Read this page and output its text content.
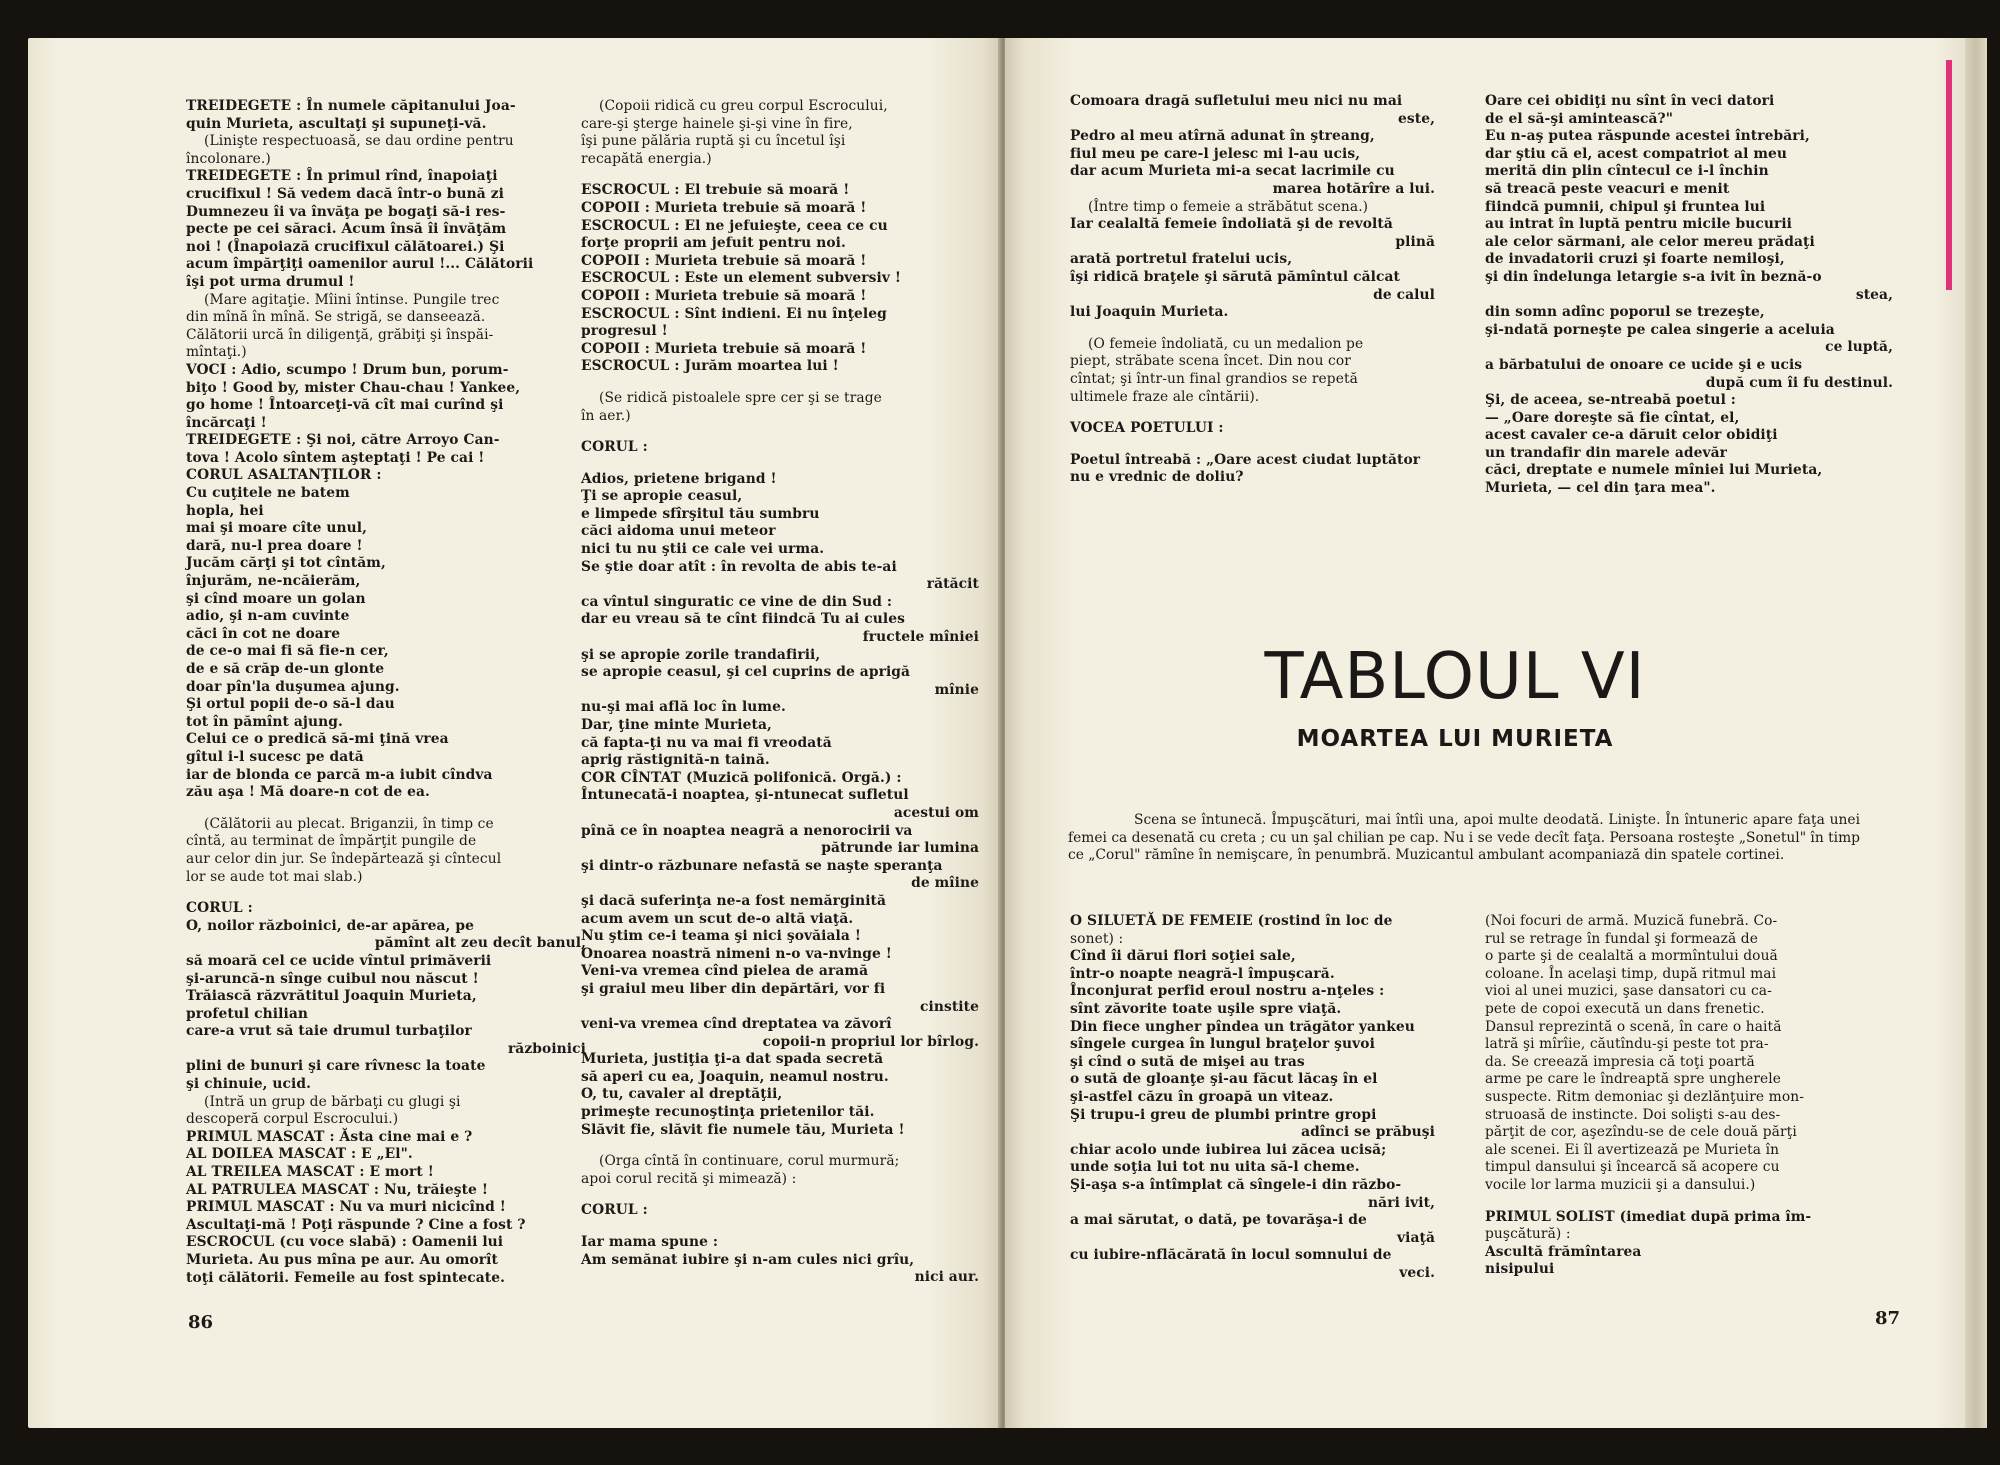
TREIDEGETE : În numele căpitanului Joa-

quin Murieta, ascultaţi şi supuneţi-vă.

(Linişte respectuoasă, se dau ordine pentru

încolonare.)

TREIDEGETE : În primul rînd, înapoiaţi

crucifixul ! Să vedem dacă într-o bună zi

Dumnezeu îi va învăţa pe bogaţi să-i res-

pecte pe cei săraci. Acum însă îi învăţăm

noi ! (Înapoiază crucifixul călătoarei.) Şi

acum împărţiţi oamenilor aurul !... Călătorii

îşi pot urma drumul !

(Mare agitaţie. Mîini întinse. Pungile trec

din mînă în mînă. Se strigă, se danseează.

Călătorii urcă în diligenţă, grăbiţi şi înspăi-

mîntaţi.)

VOCI : Adio, scumpo ! Drum bun, porum-

biţo ! Good by, mister Chau-chau ! Yankee,

go home ! Întoarceţi-vă cît mai curînd şi

încărcaţi !

TREIDEGETE : Şi noi, către Arroyo Can-

tova ! Acolo sîntem aşteptaţi ! Pe cai !

CORUL ASALTANŢILOR :

Cu cuţitele ne batem

hopla, hei

mai şi moare cîte unul,

dară, nu-l prea doare !

Jucăm cărţi şi tot cîntăm,

înjurăm, ne-ncăierăm,

şi cînd moare un golan

adio, şi n-am cuvinte

căci în cot ne doare

de ce-o mai fi să fie-n cer,

de e să crăp de-un glonte

doar pîn'la duşumea ajung.

Şi ortul popii de-o să-l dau

tot în pămînt ajung.

Celui ce o predică să-mi ţină vrea

gîtul i-l sucesc pe dată

iar de blonda ce parcă m-a iubit cîndva

zău aşa ! Mă doare-n cot de ea.

(Călătorii au plecat. Briganzii, în timp ce

cîntă, au terminat de împărţit pungile de

aur celor din jur. Se îndepărtează şi cîntecul

lor se aude tot mai slab.)

CORUL :

O, noilor războinici, de-ar apărea, pe

pămînt alt zeu decît banul,

să moară cel ce ucide vîntul primăverii

şi-aruncă-n sînge cuibul nou născut !

Trăiască răzvrătitul Joaquin Murieta,

profetul chilian

care-a vrut să taie drumul turbaţilor

războinici

plini de bunuri şi care rîvnesc la toate

şi chinuie, ucid.

(Intră un grup de bărbaţi cu glugi şi

descoperă corpul Escrocului.)

PRIMUL MASCAT : Ăsta cine mai e ?

AL DOILEA MASCAT : E „El".

AL TREILEA MASCAT : E mort !

AL PATRULEA MASCAT : Nu, trăieşte !

PRIMUL MASCAT : Nu va muri nicicînd !

Ascultaţi-mă ! Poţi răspunde ? Cine a fost ?

ESCROCUL (cu voce slabă) : Oamenii lui

Murieta. Au pus mîna pe aur. Au omorît

toţi călătorii. Femeile au fost spintecate.

(Copoii ridică cu greu corpul Escrocului,

care-şi şterge hainele şi-şi vine în fire,

îşi pune pălăria ruptă şi cu încetul îşi

recapătă energia.)

ESCROCUL : El trebuie să moară !

COPOII : Murieta trebuie să moară !

ESCROCUL : El ne jefuieşte, ceea ce cu

forţe proprii am jefuit pentru noi.

COPOII : Murieta trebuie să moară !

ESCROCUL : Este un element subversiv !

COPOII : Murieta trebuie să moară !

ESCROCUL : Sînt indieni. Ei nu înţeleg

progresul !

COPOII : Murieta trebuie să moară !

ESCROCUL : Jurăm moartea lui !

(Se ridică pistoalele spre cer şi se trage

în aer.)

CORUL :

Adios, prietene brigand !

Ţi se apropie ceasul,

e limpede sfîrşitul tău sumbru

căci aidoma unui meteor

nici tu nu ştii ce cale vei urma.

Se ştie doar atît : în revolta de abis te-ai

rătăcit

ca vîntul singuratic ce vine de din Sud :

dar eu vreau să te cînt fiindcă Tu ai cules

fructele mîniei

şi se apropie zorile trandafirii,

se apropie ceasul, şi cel cuprins de aprigă

mînie

nu-şi mai află loc în lume.

Dar, ţine minte Murieta,

că fapta-ţi nu va mai fi vreodată

aprig răstignită-n taină.

COR CÎNTAT (Muzică polifonică. Orgă.) :

Întunecată-i noaptea, şi-ntunecat sufletul

acestui om

pînă ce în noaptea neagră a nenorocirii va

pătrunde iar lumina

şi dintr-o răzbunare nefastă se naşte speranţa

de mîine

şi dacă suferinţa ne-a fost nemărginită

acum avem un scut de-o altă viaţă.

Nu ştim ce-i teama şi nici şovăiala !

Onoarea noastră nimeni n-o va-nvinge !

Veni-va vremea cînd pielea de aramă

şi graiul meu liber din depărtări, vor fi

cinstite

veni-va vremea cînd dreptatea va zăvorî

copoii-n propriul lor bîrlog.

Murieta, justiţia ţi-a dat spada secretă

să aperi cu ea, Joaquin, neamul nostru.

O, tu, cavaler al dreptăţii,

primeşte recunoştinţa prietenilor tăi.

Slăvit fie, slăvit fie numele tău, Murieta !

(Orga cîntă în continuare, corul murmură;

apoi corul recită şi mimează) :

CORUL :

Iar mama spune :

Am semănat iubire şi n-am cules nici grîu,

nici aur.

86

Comoara dragă sufletului meu nici nu mai

este,

Pedro al meu atîrnă adunat în ştreang,

fiul meu pe care-l jelesc mi l-au ucis,

dar acum Murieta mi-a secat lacrimile cu

marea hotărîre a lui.

(Între timp o femeie a străbătut scena.)

Iar cealaltă femeie îndoliată şi de revoltă

plină

arată portretul fratelui ucis,

îşi ridică braţele şi sărută pămîntul călcat

de calul

lui Joaquin Murieta.

(O femeie îndoliată, cu un medalion pe

piept, străbate scena încet. Din nou cor

cîntat; şi într-un final grandios se repetă

ultimele fraze ale cîntării).

VOCEA POETULUI :

Poetul întreabă : „Oare acest ciudat luptător

nu e vrednic de doliu?

Oare cei obidiţi nu sînt în veci datori

de el să-şi amintească?"

Eu n-aş putea răspunde acestei întrebări,

dar ştiu că el, acest compatriot al meu

merită din plin cîntecul ce i-l închin

să treacă peste veacuri e menit

fiindcă pumnii, chipul şi fruntea lui

au intrat în luptă pentru micile bucurii

ale celor sărmani, ale celor mereu prădaţi

de invadatorii cruzi şi foarte nemiloşi,

şi din îndelunga letargie s-a ivit în beznă-o

stea,

din somn adînc poporul se trezeşte,

şi-ndată porneşte pe calea singerie a aceluia

ce luptă,

a bărbatului de onoare ce ucide şi e ucis

după cum îi fu destinul.

Şi, de aceea, se-ntreabă poetul :

— „Oare doreşte să fie cîntat, el,

acest cavaler ce-a dăruit celor obidiţi

un trandafir din marele adevăr

căci, dreptate e numele mîniei lui Murieta,

Murieta, — cel din ţara mea".

O SILUETĂ DE FEMEIE (rostind în loc de

sonet) :

Cînd îi dărui flori soţiei sale,

într-o noapte neagră-l împuşcară.

Înconjurat perfid eroul nostru a-nţeles :

sînt zăvorite toate uşile spre viaţă.

Din fiece ungher pîndea un trăgător yankeu

sîngele curgea în lungul braţelor şuvoi

şi cînd o sută de mişei au tras

o sută de gloanţe şi-au făcut lăcaş în el

şi-astfel căzu în groapă un viteaz.

Şi trupu-i greu de plumbi printre gropi

adînci se prăbuşi

chiar acolo unde iubirea lui zăcea ucisă;

unde soţia lui tot nu uita să-l cheme.

Şi-aşa s-a întîmplat că sîngele-i din războ-

nări ivit,

a mai sărutat, o dată, pe tovarăşa-i de

viaţă

cu iubire-nflăcărată în locul somnului de

veci.

(Noi focuri de armă. Muzică funebră. Co-

rul se retrage în fundal şi formează de

o parte şi de cealaltă a mormîntului două

coloane. În acelaşi timp, după ritmul mai

vioi al unei muzici, şase dansatori cu ca-

pete de copoi execută un dans frenetic.

Dansul reprezintă o scenă, în care o haită

latră şi mîrîie, căutîndu-şi peste tot pra-

da. Se creează impresia că toţi poartă

arme pe care le îndreaptă spre ungherele

suspecte. Ritm demoniac şi dezlănţuire mon-

struoasă de instincte. Doi solişti s-au des-

părţit de cor, aşezîndu-se de cele două părţi

ale scenei. Ei îl avertizează pe Murieta în

timpul dansului şi încearcă să acopere cu

vocile lor larma muzicii şi a dansului.)

PRIMUL SOLIST (imediat după prima îm-

puşcătură) :

Ascultă frămîntarea

nisipului

87
TABLOUL VI
MOARTEA LUI MURIETA
Scena se întunecă. Împuşcături, mai întîi una, apoi multe deodată. Linişte. În întuneric apare faţa unei femei ca desenată cu creta ; cu un şal chilian pe cap. Nu i se vede decît faţa. Persoana rosteşte „Sonetul" în timp ce „Corul" rămîne în nemişcare, în penumbră. Muzicantul ambulant acompaniază din spatele cortinei.
